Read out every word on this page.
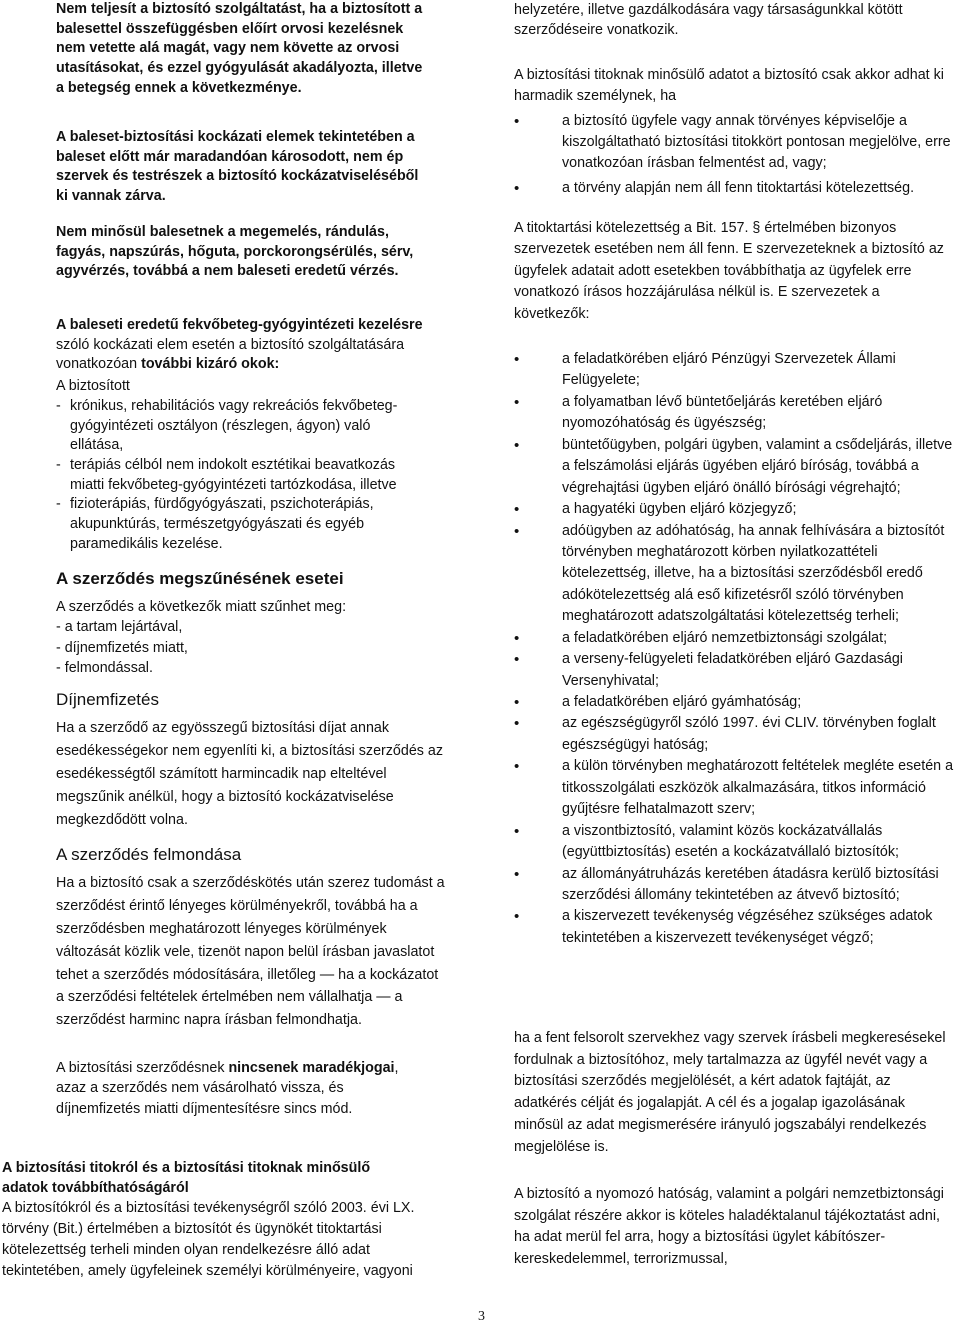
Nem teljesít a biztosító szolgáltatást, ha a biztosított a balesettel összefüggésben előírt orvosi kezelésnek nem vetette alá magát, vagy nem követte az orvosi utasításokat, és ezzel gyógyulását akadályozta, illetve a betegség ennek a következménye.
A baleset-biztosítási kockázati elemek tekintetében a baleset előtt már maradandóan károsodott, nem ép szervek és testrészek a biztosító kockázatviseléséből ki vannak zárva.
Nem minősül balesetnek a megemelés, rándulás, fagyás, napszúrás, hőguta, porckorongsérülés, sérv, agyvérzés, továbbá a nem baleseti eredetű vérzés.
A baleseti eredetű fekvőbeteg-gyógyintézeti kezelésre szóló kockázati elem esetén a biztosító szolgáltatására vonatkozóan további kizáró okok:

A biztosított

- krónikus, rehabilitációs vagy rekreációs fekvőbeteg-gyógyintézeti osztályon (részlegen, ágyon) való ellátása,
- terápiás célból nem indokolt esztétikai beavatkozás miatti fekvőbeteg-gyógyintézeti tartózkodása, illetve
- fizioterápiás, fürdőgyógyászati, pszichoterápiás, akupunktúrás, természetgyógyászati és egyéb paramedikális kezelése.
A szerződés megszűnésének esetei

A szerződés a következők miatt szűnhet meg:

- a tartam lejártával,

- díjnemfizetés miatt,

- felmondással.

Díjnemfizetés

Ha a szerződő az egyösszegű biztosítási díjat annak esedékességekor nem egyenlíti ki, a biztosítási szerződés az esedékességtől számított harmincadik nap elteltével megszűnik anélkül, hogy a biztosító kockázatviselése megkezdődött volna.

A szerződés felmondása

Ha a biztosító csak a szerződéskötés után szerez tudomást a szerződést érintő lényeges körülményekről, továbbá ha a szerződésben meghatározott lényeges körülmények változását közlik vele, tizenöt napon belül írásban javaslatot tehet a szerződés módosítására, illetőleg — ha a kockázatot a szerződési feltételek értelmében nem vállalhatja — a szerződést harminc napra írásban felmondhatja.

A biztosítási szerződésnek nincsenek maradékjogai, azaz a szerződés nem vásárolható vissza, és díjnemfizetés miatti díjmentesítésre sincs mód.

A biztosítási titokról és a biztosítási titoknak minősülő adatok továbbíthatóságáról

A biztosítókról és a biztosítási tevékenységről szóló 2003. évi LX. törvény (Bit.) értelmében a biztosítót és ügynökét titoktartási kötelezettség terheli minden olyan rendelkezésre álló adat tekintetében, amely ügyfeleinek személyi körülményeire, vagyoni

helyzetére, illetve gazdálkodására vagy társaságunkkal kötött szerződéseire vonatkozik.

A biztosítási titoknak minősülő adatot a biztosító csak akkor adhat ki harmadik személynek, ha

• a biztosító ügyfele vagy annak törvényes képviselője a kiszolgáltatható biztosítási titokkört pontosan megjelölve, erre vonatkozóan írásban felmentést ad, vagy;
• a törvény alapján nem áll fenn titoktartási kötelezettség.

A titoktartási kötelezettség a Bit. 157. § értelmében bizonyos szervezetek esetében nem áll fenn. E szervezeteknek a biztosító az ügyfelek adatait adott esetekben továbbíthatja az ügyfelek erre vonatkozó írásos hozzájárulása nélkül is. E szervezetek a következők:

• a feladatkörében eljáró Pénzügyi Szervezetek Állami Felügyelete;
• a folyamatban lévő büntetőeljárás keretében eljáró nyomozóhatóság és ügyészség;
• büntetőügyben, polgári ügyben, valamint a csődeljárás, illetve a felszámolási eljárás ügyében eljáró bíróság, továbbá a végrehajtási ügyben eljáró önálló bírósági végrehajtó;
• a hagyatéki ügyben eljáró közjegyző;
• adóügyben az adóhatóság, ha annak felhívására a biztosítót törvényben meghatározott körben nyilatkozattételi kötelezettség, illetve, ha a biztosítási szerződésből eredő adókötelezettség alá eső kifizetésről szóló törvényben meghatározott adatszolgáltatási kötelezettség terheli;
• a feladatkörében eljáró nemzetbiztonsági szolgálat;
• a verseny-felügyeleti feladatkörében eljáró Gazdasági Versenyhivatal;
• a feladatkörében eljáró gyámhatóság;
• az egészségügyről szóló 1997. évi CLIV. törvényben foglalt egészségügyi hatóság;
• a külön törvényben meghatározott feltételek megléte esetén a titkosszolgálati eszközök alkalmazására, titkos információ gyűjtésre felhatalmazott szerv;
• a viszontbiztosító, valamint közös kockázatvállalás (együttbiztosítás) esetén a kockázatvállaló biztosítók;
• az állományátruházás keretében átadásra kerülő biztosítási szerződési állomány tekintetében az átvevő biztosító;
• a kiszervezett tevékenység végzéséhez szükséges adatok tekintetében a kiszervezett tevékenységet végző;

ha a fent felsorolt szervekhez vagy szervek írásbeli megkeresésekel fordulnak a biztosítóhoz, mely tartalmazza az ügyfél nevét vagy a biztosítási szerződés megjelölését, a kért adatok fajtáját, az adatkérés célját és jogalapját. A cél és a jogalap igazolásának minősül az adat megismerésére irányuló jogszabályi rendelkezés megjelölése is.

A biztosító a nyomozó hatóság, valamint a polgári nemzetbiztonsági szolgálat részére akkor is köteles haladéktalanul tájékoztatást adni, ha adat merül fel arra, hogy a biztosítási ügylet kábítószer-kereskedelemmel, terrorizmussal,

3
